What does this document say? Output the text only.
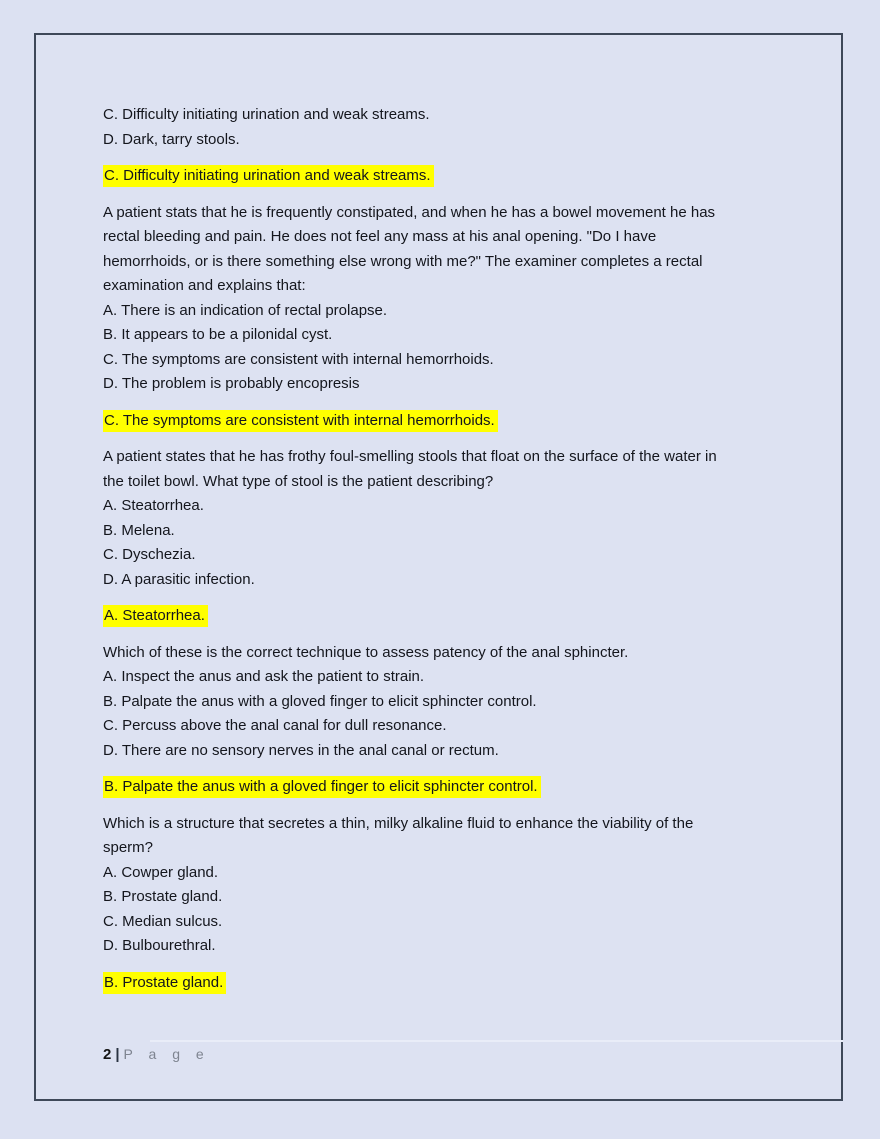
C. Difficulty initiating urination and weak streams.
D. Dark, tarry stools.
C. Difficulty initiating urination and weak streams.
A patient stats that he is frequently constipated, and when he has a bowel movement he has
rectal bleeding and pain. He does not feel any mass at his anal opening. "Do I have
hemorrhoids, or is there something else wrong with me?" The examiner completes a rectal
examination and explains that:
A. There is an indication of rectal prolapse.
B. It appears to be a pilonidal cyst.
C. The symptoms are consistent with internal hemorrhoids.
D. The problem is probably encopresis
C. The symptoms are consistent with internal hemorrhoids.
A patient states that he has frothy foul-smelling stools that float on the surface of the water in
the toilet bowl. What type of stool is the patient describing?
A. Steatorrhea.
B. Melena.
C. Dyschezia.
D. A parasitic infection.
A. Steatorrhea.
Which of these is the correct technique to assess patency of the anal sphincter.
A. Inspect the anus and ask the patient to strain.
B. Palpate the anus with a gloved finger to elicit sphincter control.
C. Percuss above the anal canal for dull resonance.
D. There are no sensory nerves in the anal canal or rectum.
B. Palpate the anus with a gloved finger to elicit sphincter control.
Which is a structure that secretes a thin, milky alkaline fluid to enhance the viability of the
sperm?
A. Cowper gland.
B. Prostate gland.
C. Median sulcus.
D. Bulbourethral.
B. Prostate gland.
2 | P a g e
